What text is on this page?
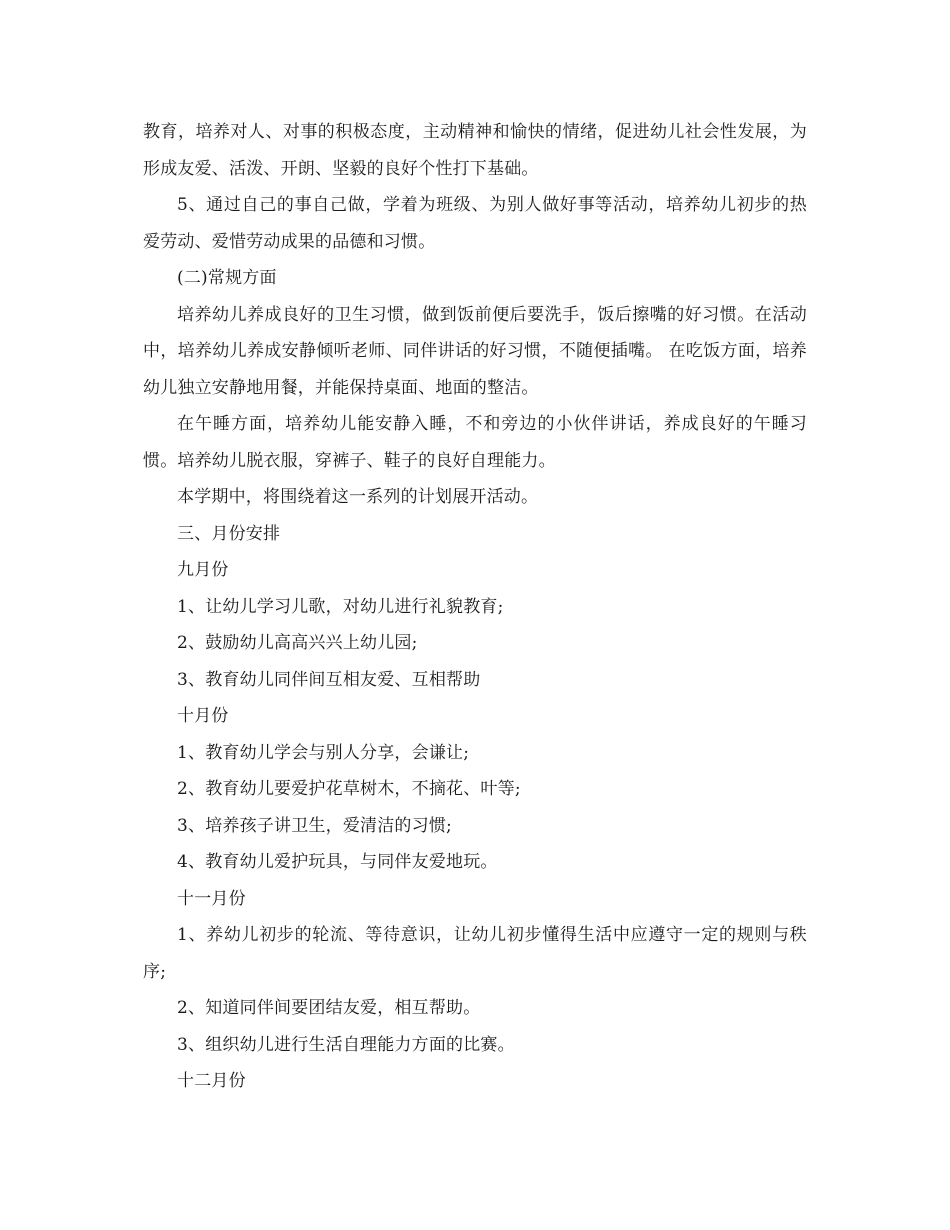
教育，培养对人、对事的积极态度，主动精神和愉快的情绪，促进幼儿社会性发展，为形成友爱、活泼、开朗、坚毅的良好个性打下基础。

5、通过自己的事自己做，学着为班级、为别人做好事等活动，培养幼儿初步的热爱劳动、爱惜劳动成果的品德和习惯。

(二)常规方面

培养幼儿养成良好的卫生习惯，做到饭前便后要洗手，饭后擦嘴的好习惯。在活动中，培养幼儿养成安静倾听老师、同伴讲话的好习惯，不随便插嘴。 在吃饭方面，培养幼儿独立安静地用餐，并能保持桌面、地面的整洁。

在午睡方面，培养幼儿能安静入睡，不和旁边的小伙伴讲话，养成良好的午睡习惯。培养幼儿脱衣服，穿裤子、鞋子的良好自理能力。

本学期中，将围绕着这一系列的计划展开活动。

三、月份安排

九月份

1、让幼儿学习儿歌，对幼儿进行礼貌教育;

2、鼓励幼儿高高兴兴上幼儿园;

3、教育幼儿同伴间互相友爱、互相帮助

十月份

1、教育幼儿学会与别人分享，会谦让;

2、教育幼儿要爱护花草树木，不摘花、叶等;

3、培养孩子讲卫生，爱清洁的习惯;

4、教育幼儿爱护玩具，与同伴友爱地玩。

十一月份

1、养幼儿初步的轮流、等待意识，让幼儿初步懂得生活中应遵守一定的规则与秩序;

2、知道同伴间要团结友爱，相互帮助。

3、组织幼儿进行生活自理能力方面的比赛。

十二月份
